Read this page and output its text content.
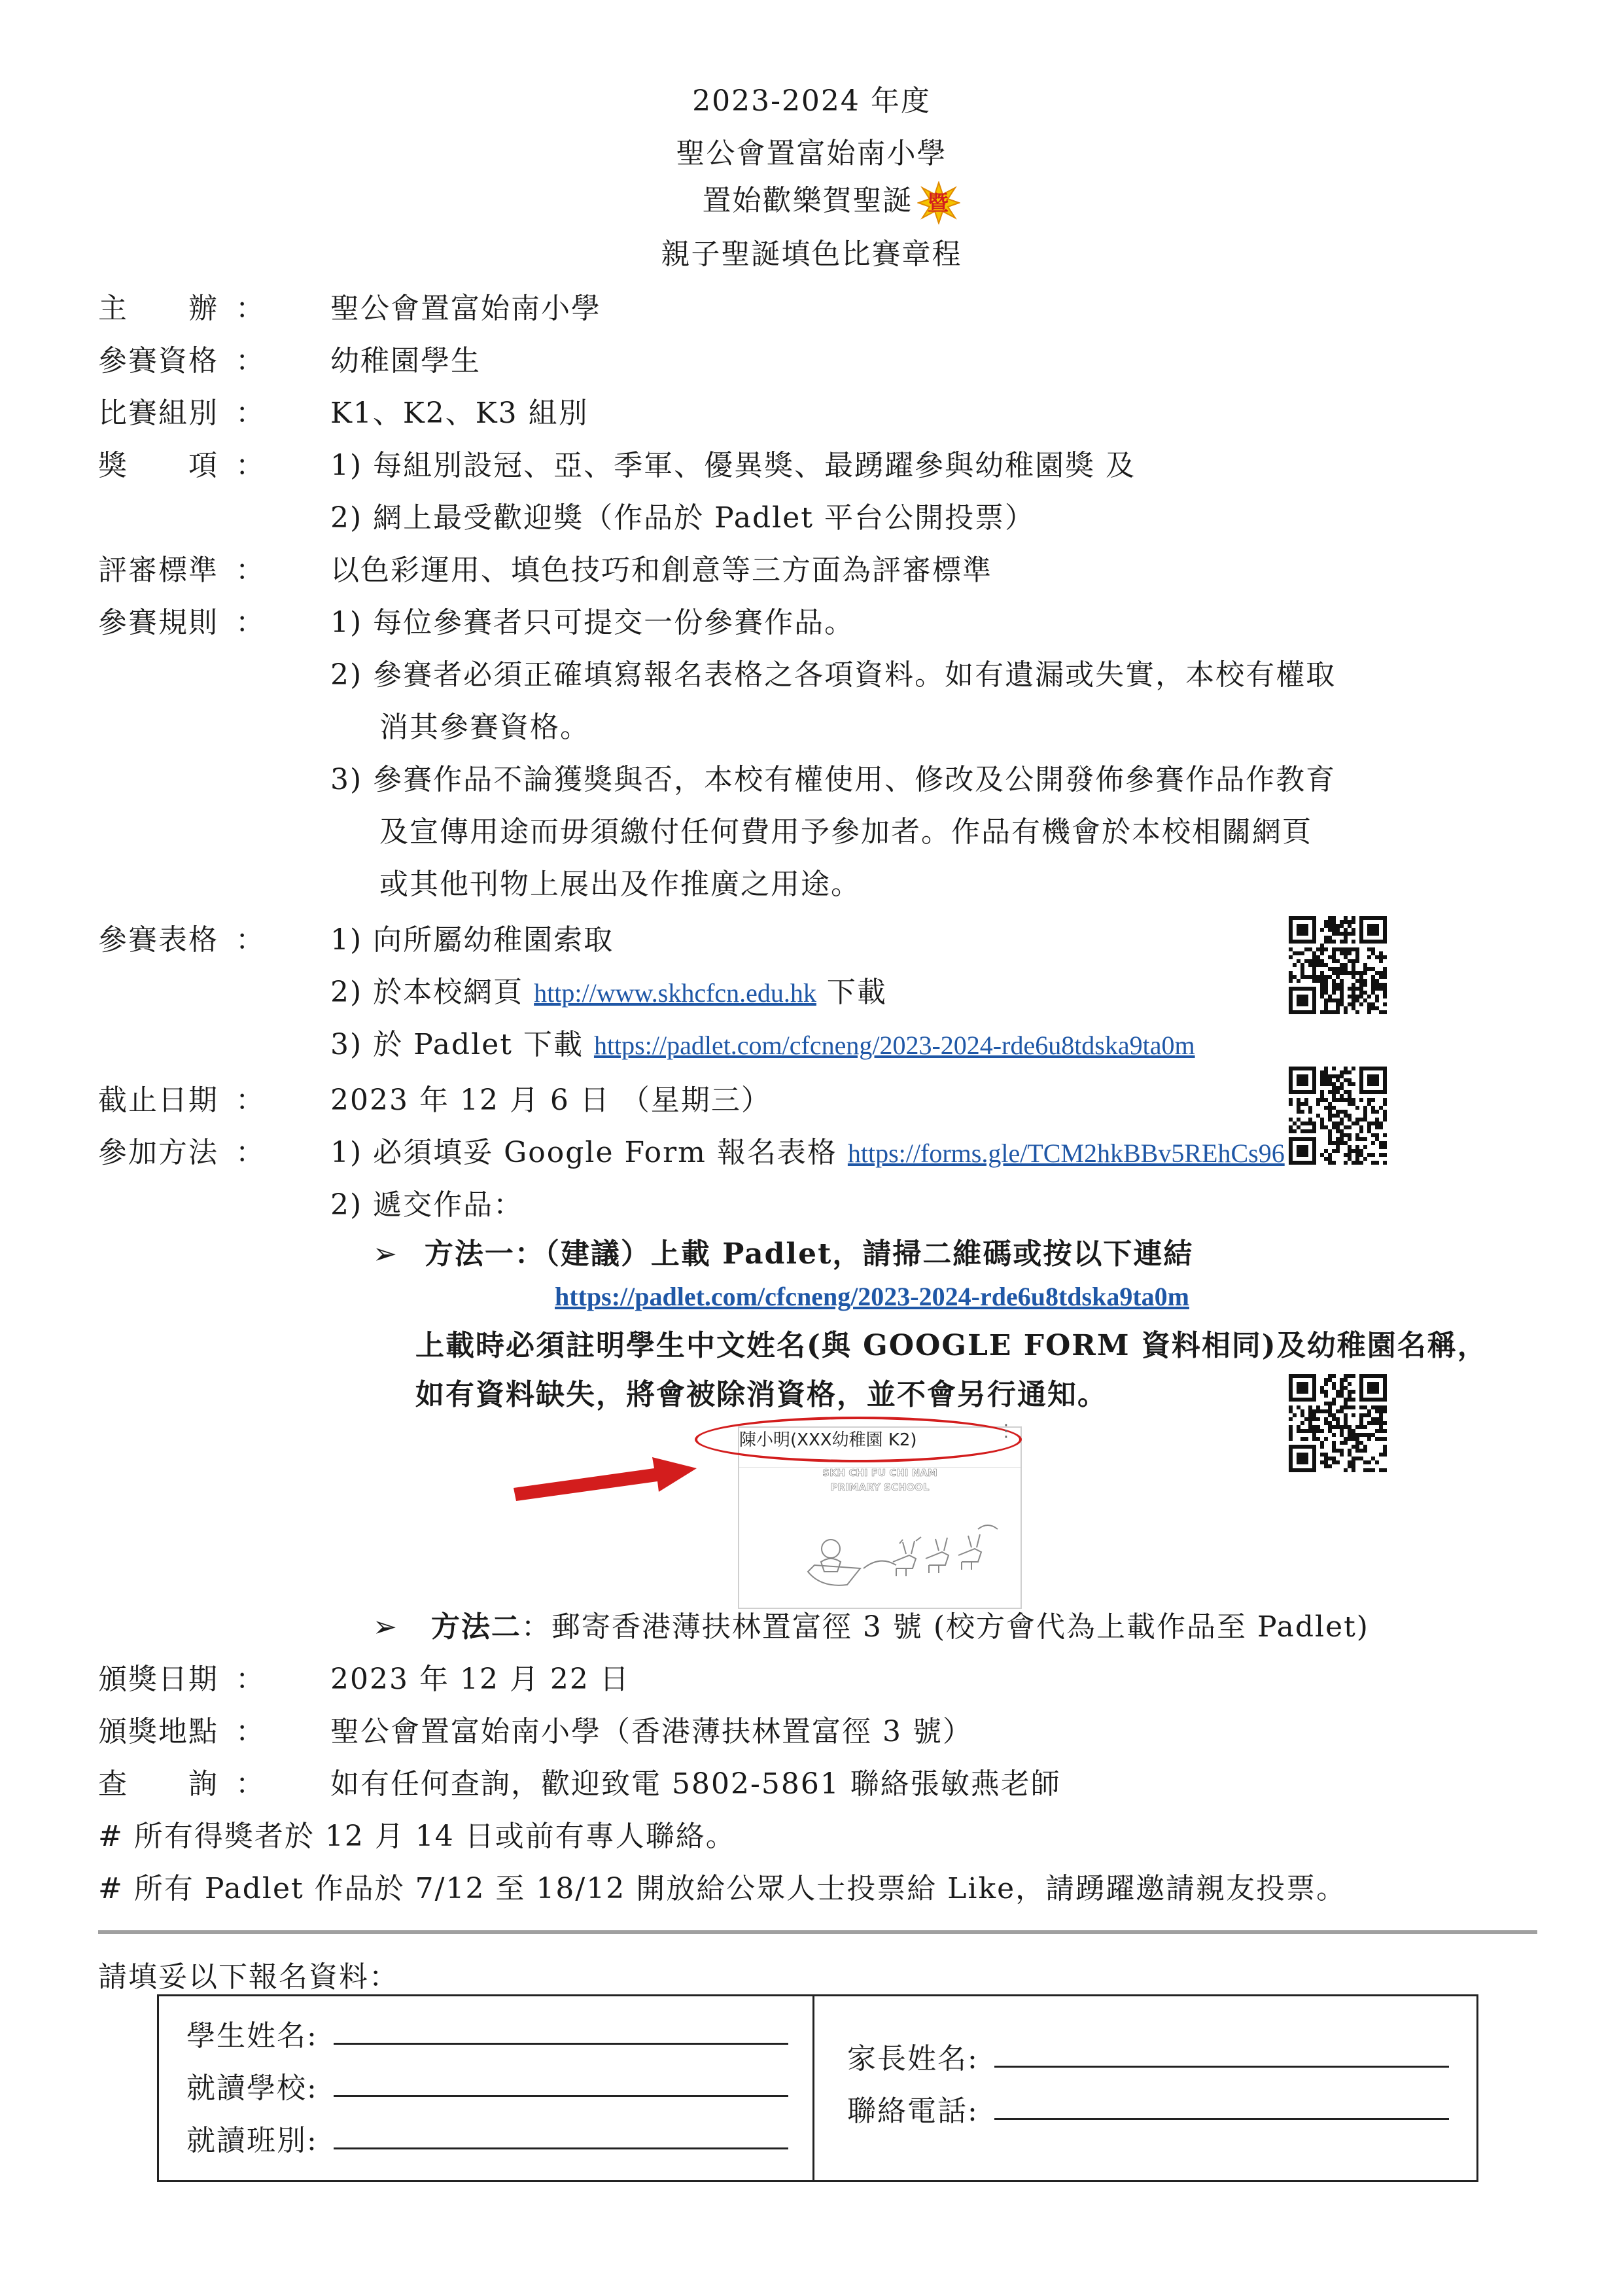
2023-2024 年度
聖公會置富始南小學
置始歡樂賀聖誕 暨
親子聖誕填色比賽章程
主　　辦 ： 聖公會置富始南小學
參賽資格 ： 幼稚園學生
比賽組別 ： K1、K2、K3 組別
獎　　項 ： 1) 每組別設冠、亞、季軍、優異獎、最踴躍參與幼稚園獎 及
2) 網上最受歡迎獎（作品於 Padlet 平台公開投票）
評審標準 ： 以色彩運用、填色技巧和創意等三方面為評審標準
參賽規則 ： 1) 每位參賽者只可提交一份參賽作品。
2) 參賽者必須正確填寫報名表格之各項資料。如有遺漏或失實，本校有權取
消其參賽資格。
3) 參賽作品不論獲獎與否，本校有權使用、修改及公開發佈參賽作品作教育
及宣傳用途而毋須繳付任何費用予參加者。作品有機會於本校相關網頁
或其他刊物上展出及作推廣之用途。
參賽表格 ： 1) 向所屬幼稚園索取
2) 於本校網頁 http://www.skhcfcn.edu.hk 下載
3) 於 Padlet 下載 https://padlet.com/cfcneng/2023-2024-rde6u8tdska9ta0m
截止日期 ： 2023 年 12 月 6 日 （星期三）
參加方法 ： 1) 必須填妥 Google Form 報名表格 https://forms.gle/TCM2hkBBv5REhCs96
2) 遞交作品：
➢ 方法一：（建議）上載 Padlet，請掃二維碼或按以下連結
https://padlet.com/cfcneng/2023-2024-rde6u8tdska9ta0m
上載時必須註明學生中文姓名(與 GOOGLE FORM 資料相同)及幼稚園名稱，
如有資料缺失，將會被除消資格，並不會另行通知。
SKH CHI FU CHI NAM
PRIMARY SCHOOL
陳小明(XXX幼稚園 K2)	⋮
➢ 方法二：郵寄香港薄扶林置富徑 3 號 (校方會代為上載作品至 Padlet)
頒獎日期 ： 2023 年 12 月 22 日
頒獎地點 ： 聖公會置富始南小學（香港薄扶林置富徑 3 號）
查　　詢 ： 如有任何查詢，歡迎致電 5802-5861 聯絡張敏燕老師
# 所有得獎者於 12 月 14 日或前有專人聯絡。
# 所有 Padlet 作品於 7/12 至 18/12 開放給公眾人士投票給 Like，請踴躍邀請親友投票。
請填妥以下報名資料：
學生姓名:
就讀學校:
就讀班別:
家長姓名:
聯絡電話:
